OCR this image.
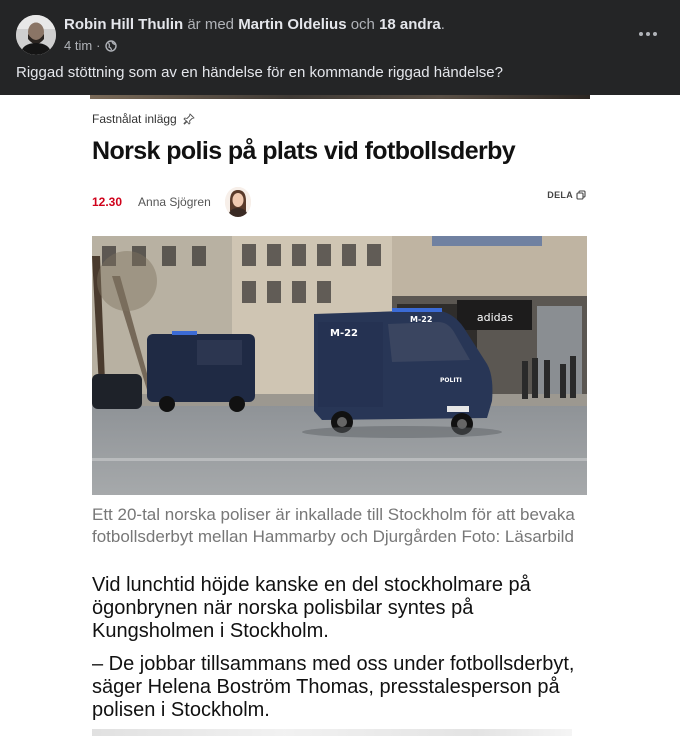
Robin Hill Thulin är med Martin Oldelius och 18 andra.
4 tim ·
Riggad stöttning som av en händelse för en kommande riggad händelse?
Fastnålat inlägg
Norsk polis på plats vid fotbollsderby
12.30 Anna Sjögren	DELA
adidas
M-22
M-22
POLITI
Ett 20-tal norska poliser är inkallade till Stockholm för att bevaka fotbollsderbyt mellan Hammarby och Djurgården Foto: Läsarbild
Vid lunchtid höjde kanske en del stockholmare på ögonbrynen när norska polisbilar syntes på Kungsholmen i Stockholm.
– De jobbar tillsammans med oss under fotbollsderbyt, säger Helena Boström Thomas, presstalesperson på polisen i Stockholm.
